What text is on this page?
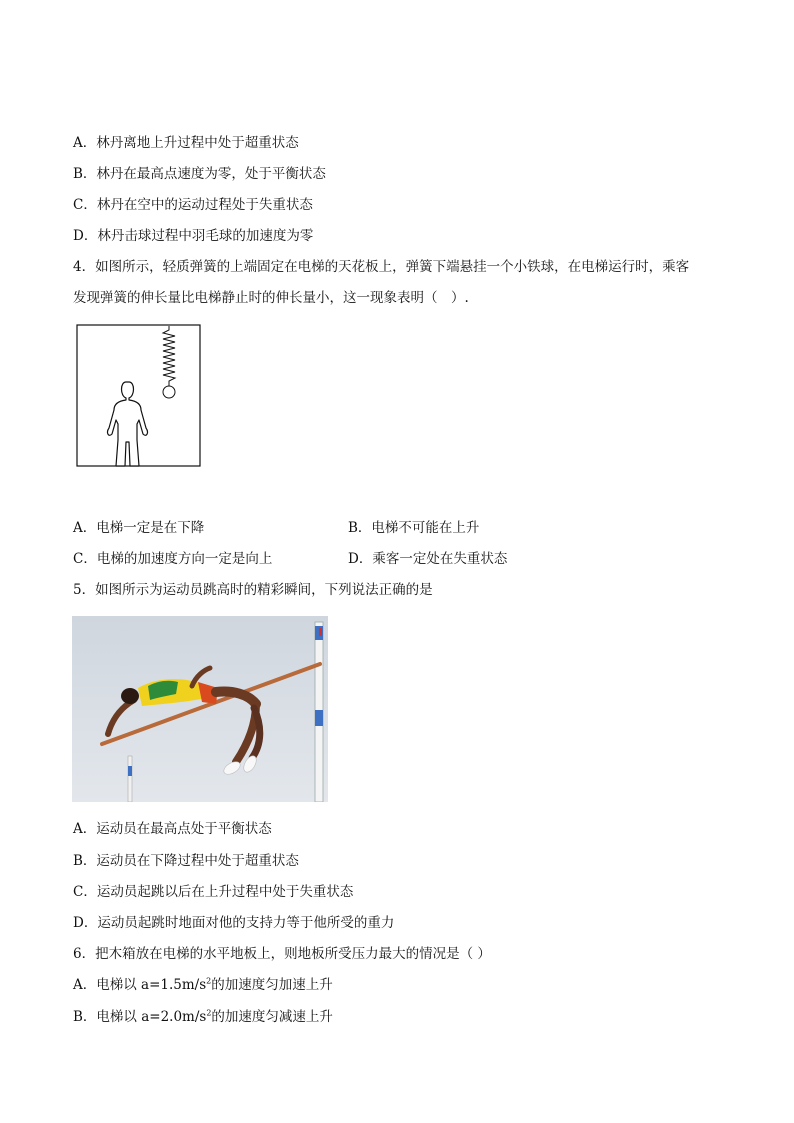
A．林丹离地上升过程中处于超重状态
B．林丹在最高点速度为零，处于平衡状态
C．林丹在空中的运动过程处于失重状态
D．林丹击球过程中羽毛球的加速度为零
4．如图所示，轻质弹簧的上端固定在电梯的天花板上，弹簧下端悬挂一个小铁球，在电梯运行时，乘客
发现弹簧的伸长量比电梯静止时的伸长量小，这一现象表明（　）.
A．电梯一定是在下降	B．电梯不可能在上升
C．电梯的加速度方向一定是向上	D．乘客一定处在失重状态
5．如图所示为运动员跳高时的精彩瞬间，下列说法正确的是
A．运动员在最高点处于平衡状态
B．运动员在下降过程中处于超重状态
C．运动员起跳以后在上升过程中处于失重状态
D．运动员起跳时地面对他的支持力等于他所受的重力
6．把木箱放在电梯的水平地板上，则地板所受压力最大的情况是（ ）
A．电梯以 $a=1.5m/s^2$的加速度匀加速上升
B．电梯以 $a=2.0m/s^2$的加速度匀减速上升
